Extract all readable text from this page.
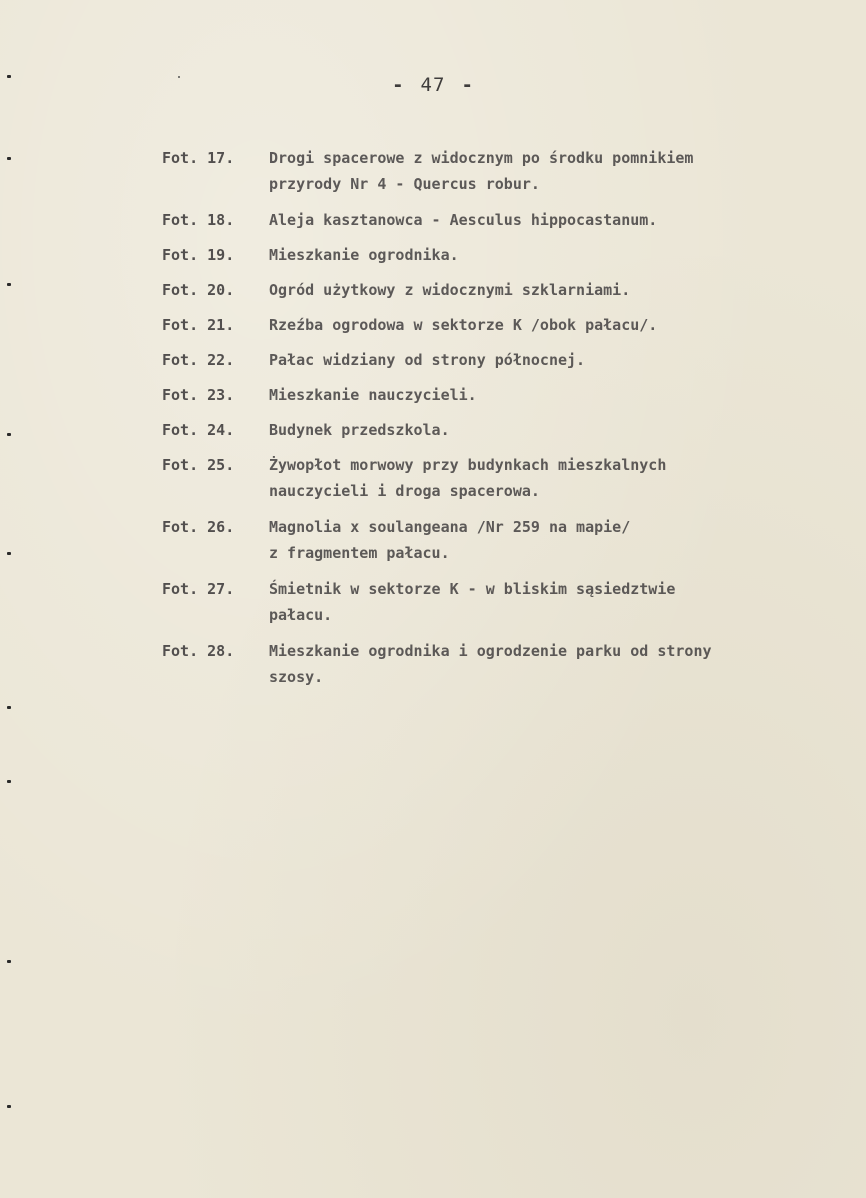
- 47 -
Fot. 17.	Drogi spacerowe z widocznym po środku pomnikiem
przyrody Nr 4 - Quercus robur.
Fot. 18.	Aleja kasztanowca - Aesculus hippocastanum.
Fot. 19.	Mieszkanie ogrodnika.
Fot. 20.	Ogród użytkowy z widocznymi szklarniami.
Fot. 21.	Rzeźba ogrodowa w sektorze K /obok pałacu/.
Fot. 22.	Pałac widziany od strony północnej.
Fot. 23.	Mieszkanie nauczycieli.
Fot. 24.	Budynek przedszkola.
Fot. 25.	Żywopłot morwowy przy budynkach mieszkalnych
nauczycieli i droga spacerowa.
Fot. 26.	Magnolia x soulangeana /Nr 259 na mapie/
z fragmentem pałacu.
Fot. 27.	Śmietnik w sektorze K - w bliskim sąsiedztwie
pałacu.
Fot. 28.	Mieszkanie ogrodnika i ogrodzenie parku od strony
szosy.
